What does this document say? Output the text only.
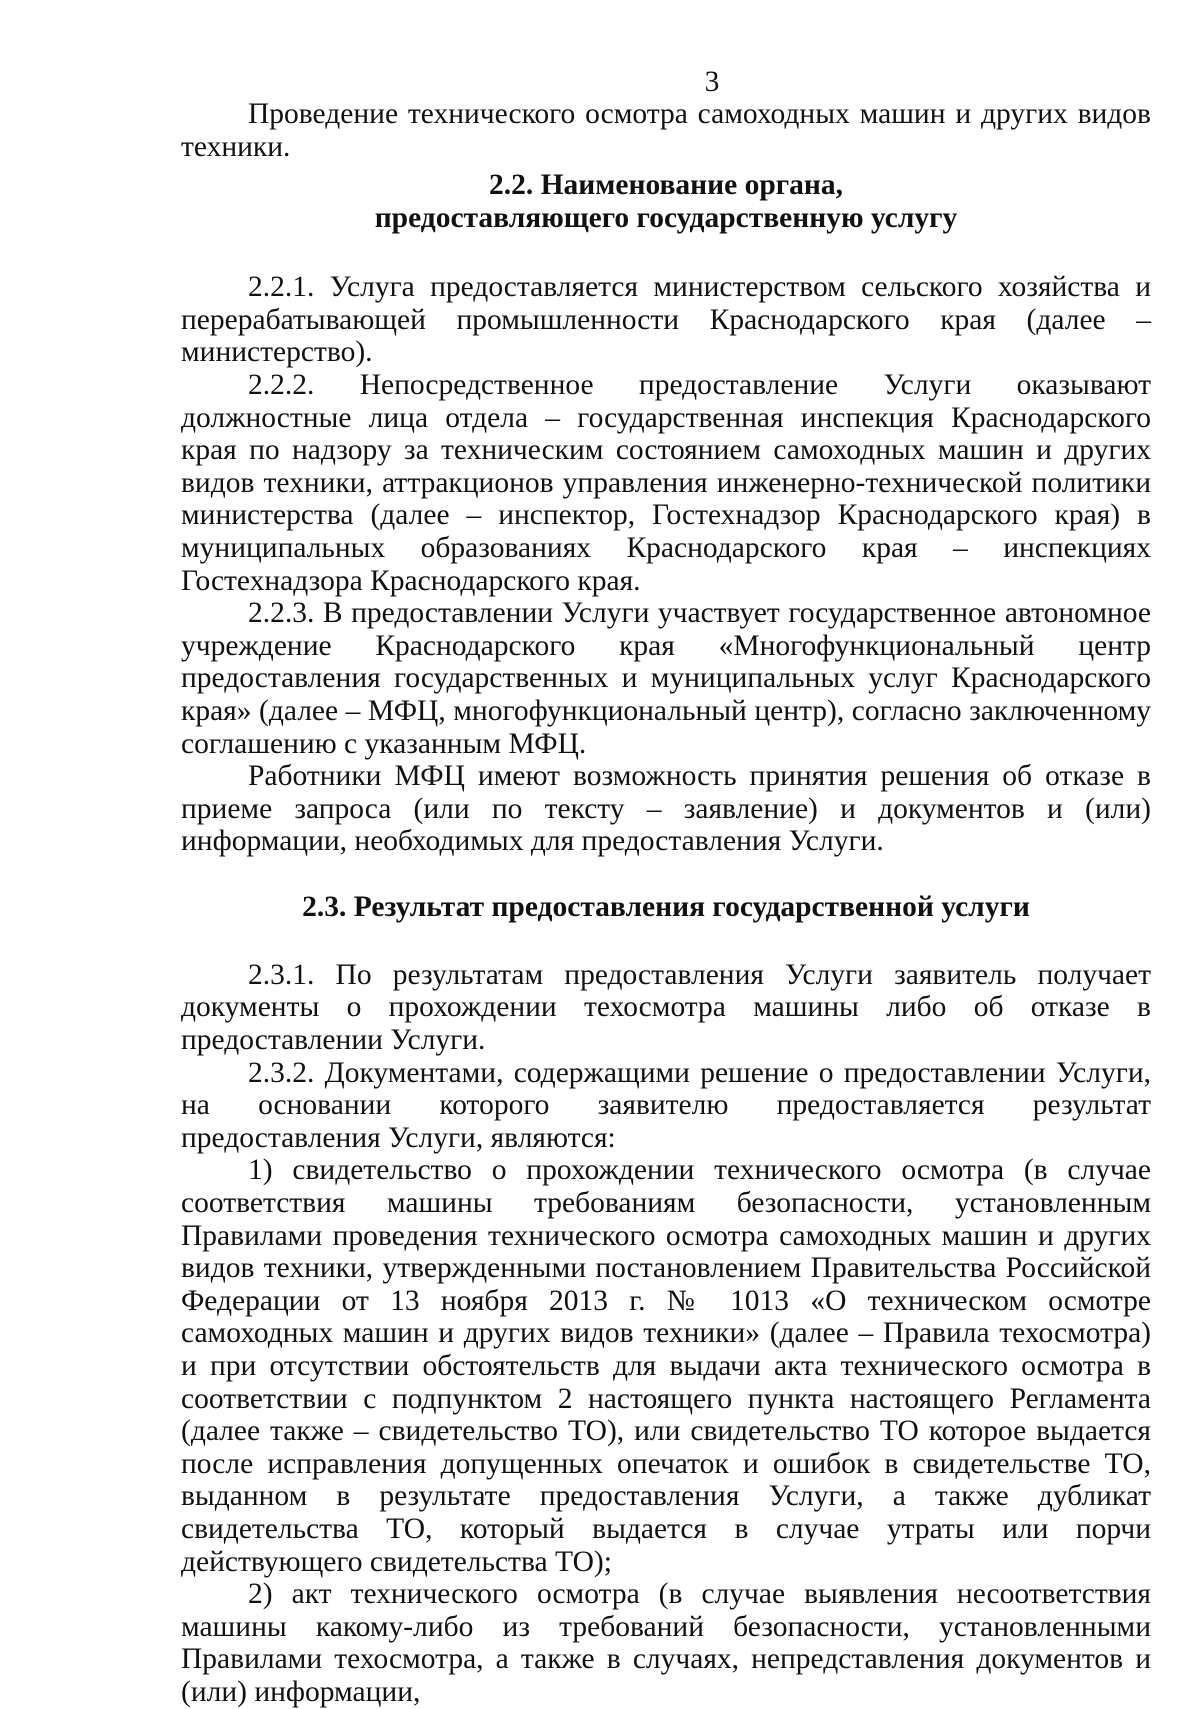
3

Проведение технического осмотра самоходных машин и других видов техники.

2.2. Наименование органа,
предоставляющего государственную услугу

2.2.1. Услуга предоставляется министерством сельского хозяйства и перерабатывающей промышленности Краснодарского края (далее – министерство).

2.2.2. Непосредственное предоставление Услуги оказывают должностные лица отдела – государственная инспекция Краснодарского края по надзору за техническим состоянием самоходных машин и других видов техники, аттракционов управления инженерно-технической политики министерства (далее – инспектор, Гостехнадзор Краснодарского края) в муниципальных образованиях Краснодарского края – инспекциях Гостехнадзора Краснодарского края.

2.2.3. В предоставлении Услуги участвует государственное автономное учреждение Краснодарского края «Многофункциональный центр предоставления государственных и муниципальных услуг Краснодарского края» (далее – МФЦ, многофункциональный центр), согласно заключенному соглашению с указанным МФЦ.

Работники МФЦ имеют возможность принятия решения об отказе в приеме запроса (или по тексту – заявление) и документов и (или) информации, необходимых для предоставления Услуги.

2.3. Результат предоставления государственной услуги

2.3.1. По результатам предоставления Услуги заявитель получает документы о прохождении техосмотра машины либо об отказе в предоставлении Услуги.

2.3.2. Документами, содержащими решение о предоставлении Услуги, на основании которого заявителю предоставляется результат предоставления Услуги, являются:

1) свидетельство о прохождении технического осмотра (в случае соответствия машины требованиям безопасности, установленным Правилами проведения технического осмотра самоходных машин и других видов техники, утвержденными постановлением Правительства Российской Федерации от 13 ноября 2013 г. № 1013 «О техническом осмотре самоходных машин и других видов техники» (далее – Правила техосмотра) и при отсутствии обстоятельств для выдачи акта технического осмотра в соответствии с подпунктом 2 настоящего пункта настоящего Регламента (далее также – свидетельство ТО), или свидетельство ТО которое выдается после исправления допущенных опечаток и ошибок в свидетельстве ТО, выданном в результате предоставления Услуги, а также дубликат свидетельства ТО, который выдается в случае утраты или порчи действующего свидетельства ТО);

2) акт технического осмотра (в случае выявления несоответствия машины какому-либо из требований безопасности, установленными Правилами техосмотра, а также в случаях, непредставления документов и (или) информации,
